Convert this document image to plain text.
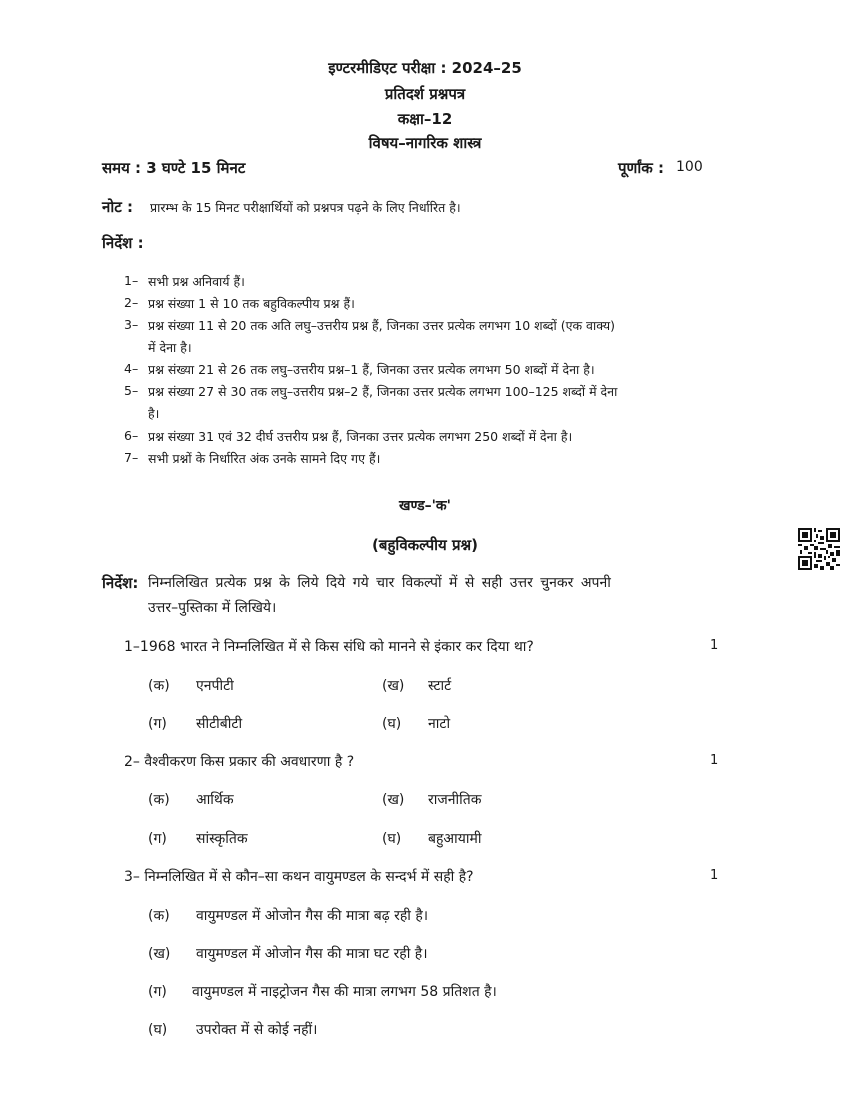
इण्टरमीडिएट परीक्षा : 2024–25
प्रतिदर्श प्रश्नपत्र
कक्षा–12
विषय–नागरिक शास्त्र
समय : 3 घण्टे 15 मिनट	पूर्णांक : 100
नोट : प्रारम्भ के 15 मिनट परीक्षार्थियों को प्रश्नपत्र पढ़ने के लिए निर्धारित है।
निर्देश :
1– सभी प्रश्न अनिवार्य हैं।
2– प्रश्न संख्या 1 से 10 तक बहुविकल्पीय प्रश्न हैं।
3– प्रश्न संख्या 11 से 20 तक अति लघु–उत्तरीय प्रश्न हैं, जिनका उत्तर प्रत्येक लगभग 10 शब्दों (एक वाक्य)
में देना है।
4– प्रश्न संख्या 21 से 26 तक लघु–उत्तरीय प्रश्न–1 हैं, जिनका उत्तर प्रत्येक लगभग 50 शब्दों में देना है।
5– प्रश्न संख्या 27 से 30 तक लघु–उत्तरीय प्रश्न–2 हैं, जिनका उत्तर प्रत्येक लगभग 100–125 शब्दों में देना
है।
6– प्रश्न संख्या 31 एवं 32 दीर्घ उत्तरीय प्रश्न हैं, जिनका उत्तर प्रत्येक लगभग 250 शब्दों में देना है।
7– सभी प्रश्नों के निर्धारित अंक उनके सामने दिए गए हैं।
खण्ड–'क'
(बहुविकल्पीय प्रश्न)
निर्देश: निम्नलिखित प्रत्येक प्रश्न के लिये दिये गये चार विकल्पों में से सही उत्तर चुनकर अपनी
उत्तर–पुस्तिका में लिखिये।
1–1968 भारत ने निम्नलिखित में से किस संधि को मानने से इंकार कर दिया था?	1
(क) एनपीटी	(ख) स्टार्ट
(ग) सीटीबीटी	(घ) नाटो
2– वैश्वीकरण किस प्रकार की अवधारणा है ?	1
(क) आर्थिक	(ख) राजनीतिक
(ग) सांस्कृतिक	(घ) बहुआयामी
3– निम्नलिखित में से कौन–सा कथन वायुमण्डल के सन्दर्भ में सही है?	1
(क) वायुमण्डल में ओजोन गैस की मात्रा बढ़ रही है।
(ख) वायुमण्डल में ओजोन गैस की मात्रा घट रही है।
(ग) वायुमण्डल में नाइट्रोजन गैस की मात्रा लगभग 58 प्रतिशत है।
(घ) उपरोक्त में से कोई नहीं।
